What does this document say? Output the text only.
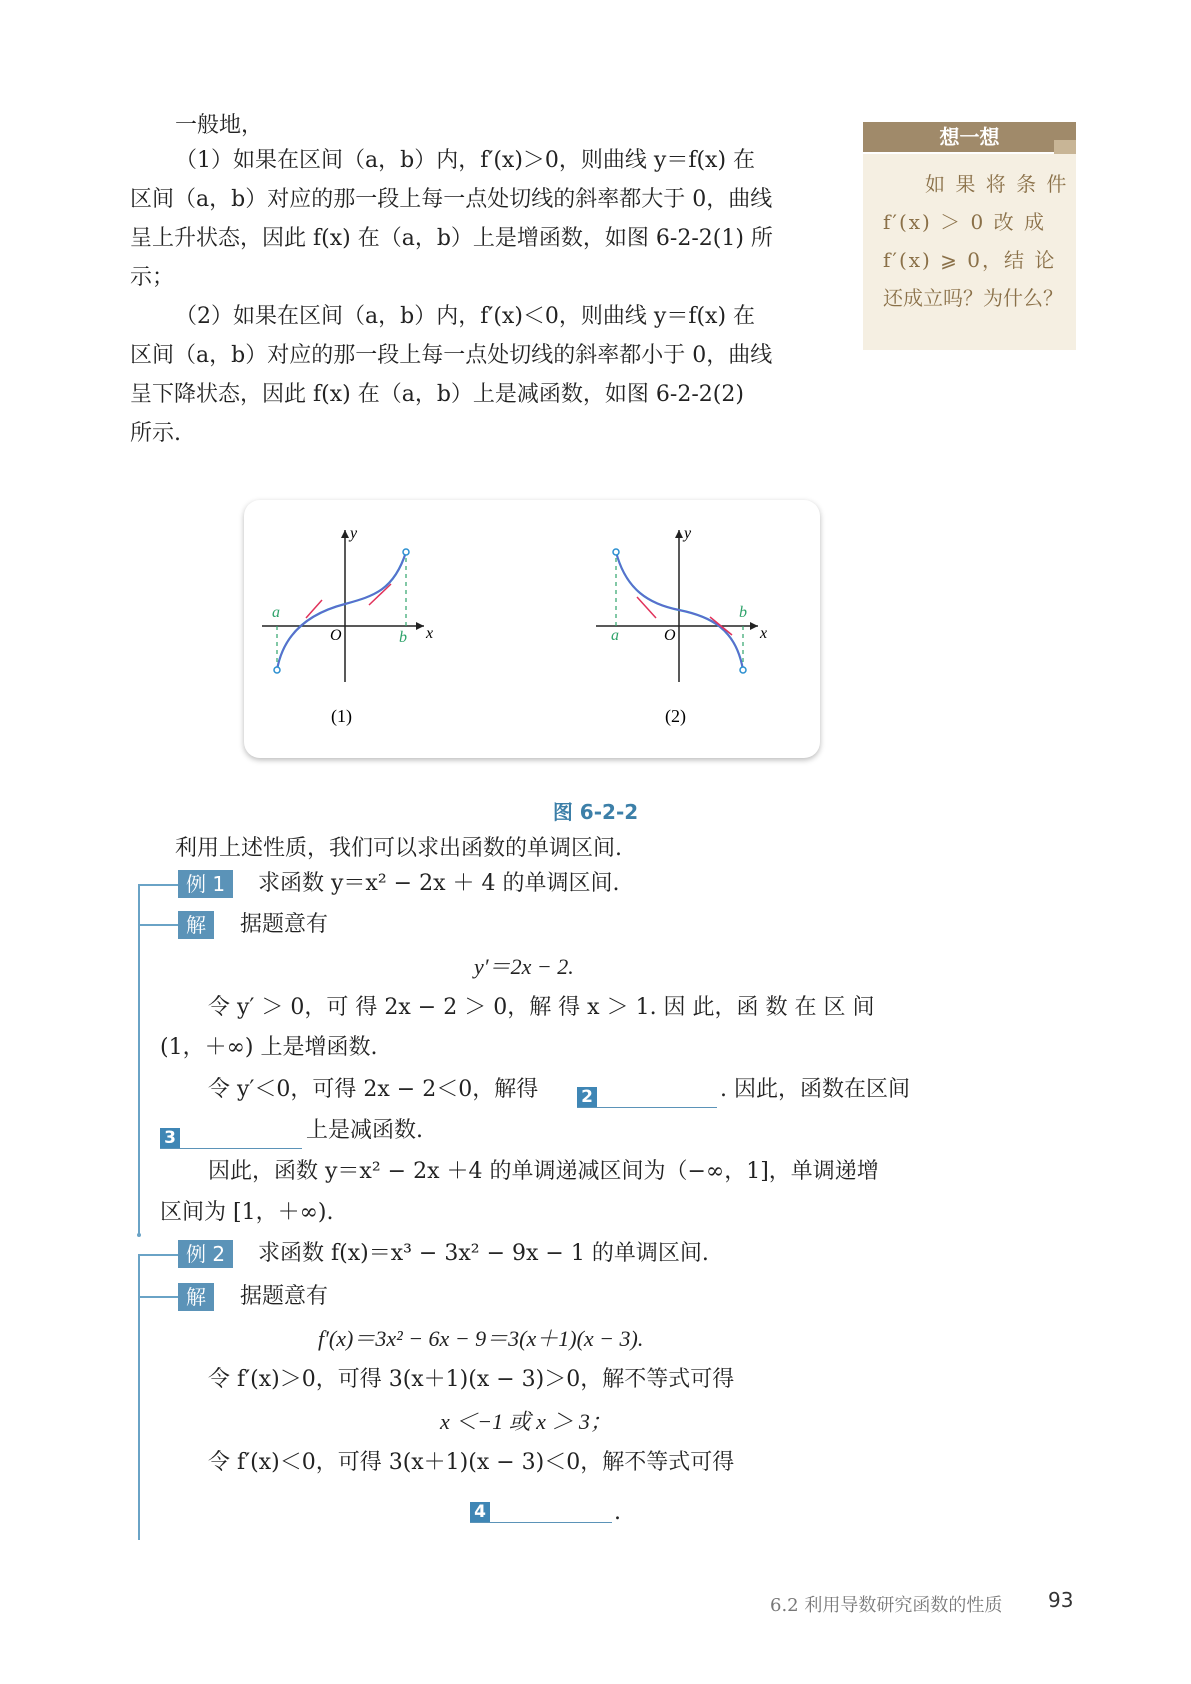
一般地，
（1）如果在区间（a，b）内，f′(x)＞0，则曲线 y＝f(x) 在
区间（a，b）对应的那一段上每一点处切线的斜率都大于 0，曲线
呈上升状态，因此 f(x) 在（a，b）上是增函数，如图 6-2-2(1) 所
示；
（2）如果在区间（a，b）内，f′(x)＜0，则曲线 y＝f(x) 在
区间（a，b）对应的那一段上每一点处切线的斜率都小于 0，曲线
呈下降状态，因此 f(x) 在（a，b）上是减函数，如图 6-2-2(2)
所示.
想一想
如 果 将 条 件
f′(x) ＞ 0 改 成
f′(x) ⩾ 0，结 论
还成立吗？为什么？
y
x
O
a
b
(1)
y
x
O
a
b
(2)
图 6-2-2
利用上述性质，我们可以求出函数的单调区间.
例 1	求函数 y＝x² − 2x ＋ 4 的单调区间.
解	据题意有
y′＝2x − 2.
令 y′ ＞ 0，可 得 2x − 2 ＞ 0，解 得 x ＞ 1. 因 此，函 数 在 区 间
(1，＋∞) 上是增函数.
令 y′＜0，可得 2x − 2＜0，解得	2	. 因此，函数在区间
3	上是减函数.
因此，函数 y＝x² − 2x ＋4 的单调递减区间为（−∞，1]，单调递增
区间为 [1，＋∞).
例 2	求函数 f(x)＝x³ − 3x² − 9x − 1 的单调区间.
解	据题意有
f′(x)＝3x² − 6x − 9＝3(x＋1)(x − 3).
令 f′(x)＞0，可得 3(x＋1)(x − 3)＞0，解不等式可得
x ＜−1 或 x ＞ 3；
令 f′(x)＜0，可得 3(x＋1)(x − 3)＜0，解不等式可得
4	.
6.2 利用导数研究函数的性质 93
